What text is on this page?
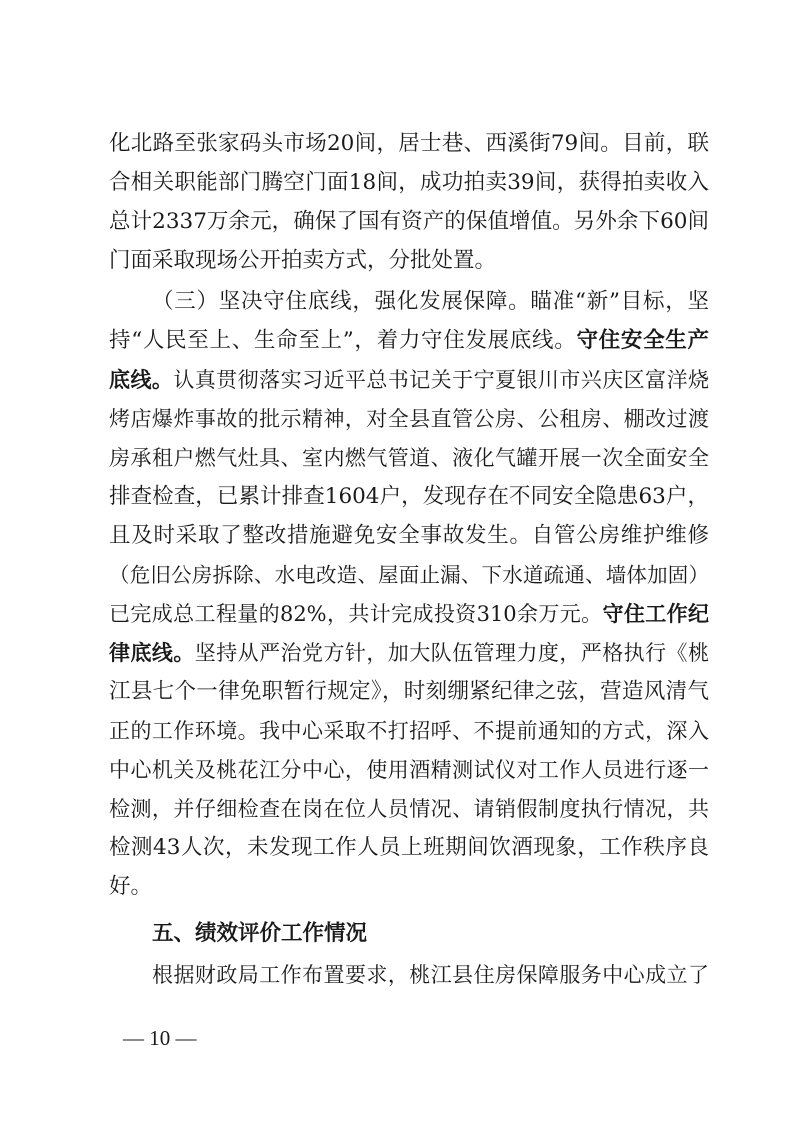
化北路至张家码头市场20间，居士巷、西溪街79间。目前，联
合相关职能部门腾空门面18间，成功拍卖39间，获得拍卖收入
总计2337万余元，确保了国有资产的保值增值。另外余下60间
门面采取现场公开拍卖方式，分批处置。
（三）坚决守住底线，强化发展保障。瞄准“新”目标，坚
持“人民至上、生命至上”，着力守住发展底线。守住安全生产
底线。认真贯彻落实习近平总书记关于宁夏银川市兴庆区富洋烧
烤店爆炸事故的批示精神，对全县直管公房、公租房、棚改过渡
房承租户燃气灶具、室内燃气管道、液化气罐开展一次全面安全
排查检查，已累计排查1604户，发现存在不同安全隐患63户，
且及时采取了整改措施避免安全事故发生。自管公房维护维修
（危旧公房拆除、水电改造、屋面止漏、下水道疏通、墙体加固）
已完成总工程量的82%，共计完成投资310余万元。守住工作纪
律底线。坚持从严治党方针，加大队伍管理力度，严格执行《桃
江县七个一律免职暂行规定》，时刻绷紧纪律之弦，营造风清气
正的工作环境。我中心采取不打招呼、不提前通知的方式，深入
中心机关及桃花江分中心，使用酒精测试仪对工作人员进行逐一
检测，并仔细检查在岗在位人员情况、请销假制度执行情况，共
检测43人次，未发现工作人员上班期间饮酒现象，工作秩序良
好。
五、绩效评价工作情况
根据财政局工作布置要求，桃江县住房保障服务中心成立了
— 10 —
